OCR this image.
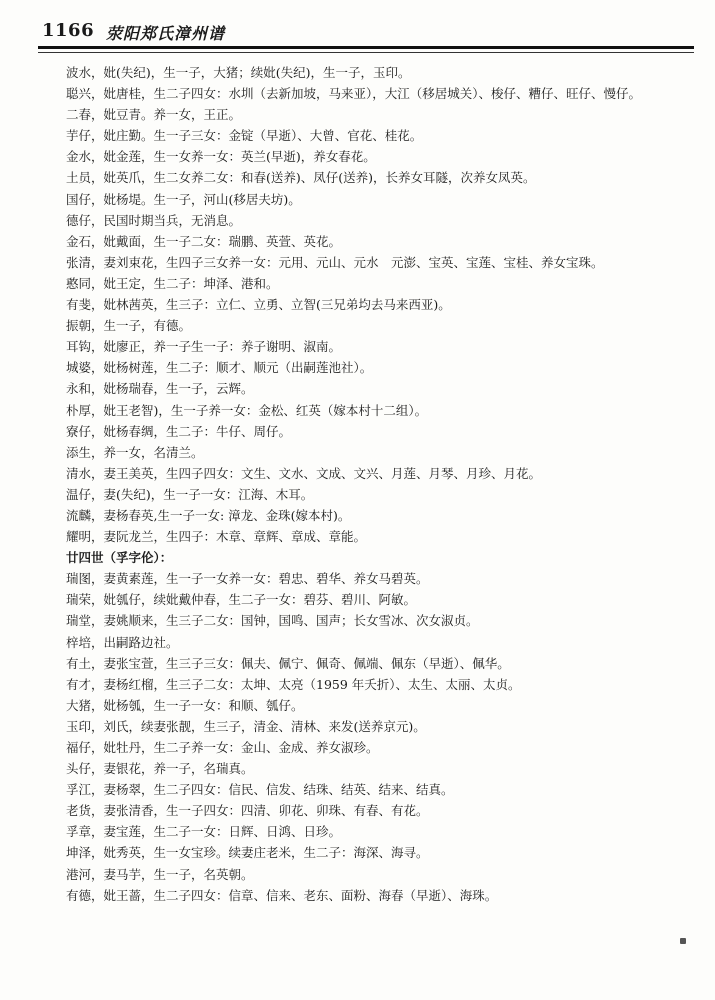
1166 荥阳郑氏漳州谱
波水，妣(失纪)，生一子，大猪；续妣(失纪)，生一子，玉印。
聪兴，妣唐桂，生二子四女：水圳（去新加坡，马来亚），大江（移居城关）、梭仔、糟仔、旺仔、慢仔。
二春，妣豆青。养一女，王正。
芋仔，妣庄勤。生一子三女：金锭（早逝）、大曾、官花、桂花。
金水，妣金莲，生一女养一女：英兰(早逝)，养女春花。
土员，妣英爪，生二女养二女：和春(送养)、凤仔(送养)，长养女耳隧，次养女凤英。
国仔，妣杨堤。生一子，河山(移居夫坊)。
德仔，民国时期当兵，无消息。
金石，妣戴面，生一子二女：瑞鹏、英萱、英花。
张清，妻刘束花，生四子三女养一女：元用、元山、元水　元澎、宝英、宝莲、宝桂、养女宝珠。
憨同，妣王定，生二子：坤泽、港和。
有斐，妣林茜英，生三子：立仁、立勇、立智(三兄弟均去马来西亚)。
振朝，生一子，有德。
耳钩，妣廖正，养一子生一子：养子谢明、淑南。
城婆，妣杨树莲，生二子：顺才、顺元（出嗣莲池社）。
永和，妣杨瑞春，生一子，云辉。
朴厚，妣王老智)，生一子养一女：金松、红英（嫁本村十二组）。
寮仔，妣杨春绸，生二子：牛仔、周仔。
添生，养一女，名清兰。
清水，妻王美英，生四子四女：文生、文水、文成、文兴、月莲、月琴、月珍、月花。
温仔，妻(失纪)，生一子一女：江海、木耳。
流麟，妻杨春英,生一子一女: 漳龙、金珠(嫁本村)。
耀明，妻阮龙兰，生四子：木章、章辉、章成、章能。
廿四世（孚字伦）：
瑞图，妻黄素莲，生一子一女养一女：碧忠、碧华、养女马碧英。
瑞荣，妣瓠仔，续妣戴仲春，生二子一女：碧芬、碧川、阿敏。
瑞堂，妻姚顺来，生三子二女：国钟，国鸣、国声；长女雪冰、次女淑贞。
梓培，出嗣路边社。
有土，妻张宝萱，生三子三女：佩夫、佩宁、佩奇、佩端、佩东（早逝）、佩华。
有才，妻杨红榴，生三子二女：太坤、太亮（1959 年夭折）、太生、太丽、太贞。
大猪，妣杨瓠，生一子一女：和顺、瓠仔。
玉印，刘氏，续妻张靓，生三子，清金、清林、来发(送养京元)。
福仔，妣牡丹，生二子养一女：金山、金成、养女淑珍。
头仔，妻银花，养一子，名瑞真。
孚江，妻杨翠，生二子四女：信民、信发、结珠、结英、结来、结真。
老货，妻张清香，生一子四女：四清、卯花、卯珠、有春、有花。
孚章，妻宝莲，生二子一女：日辉、日鸿、日珍。
坤泽，妣秀英，生一女宝珍。续妻庄老米，生二子：海深、海寻。
港河，妻马芋，生一子，名英朝。
有德，妣王蔷，生二子四女：信章、信来、老东、面粉、海春（早逝）、海珠。
